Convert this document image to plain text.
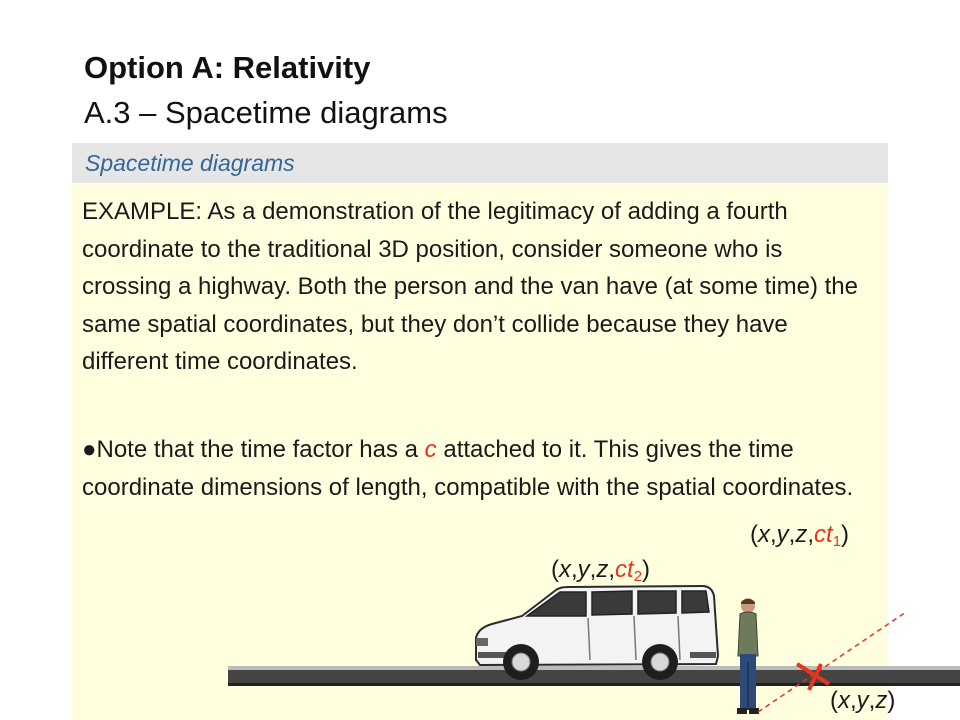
Option A: Relativity
A.3 – Spacetime diagrams
Spacetime diagrams
EXAMPLE: As a demonstration of the legitimacy of adding a fourth coordinate to the traditional 3D position, consider someone who is crossing a highway. Both the person and the van have (at some time) the same spatial coordinates, but they don’t collide because they have different time coordinates.
●Note that the time factor has a c attached to it. This gives the time coordinate dimensions of length, compatible with the spatial coordinates.
$(x,y,z,ct_1)$
$(x,y,z,ct_2)$
(x,y,z)
